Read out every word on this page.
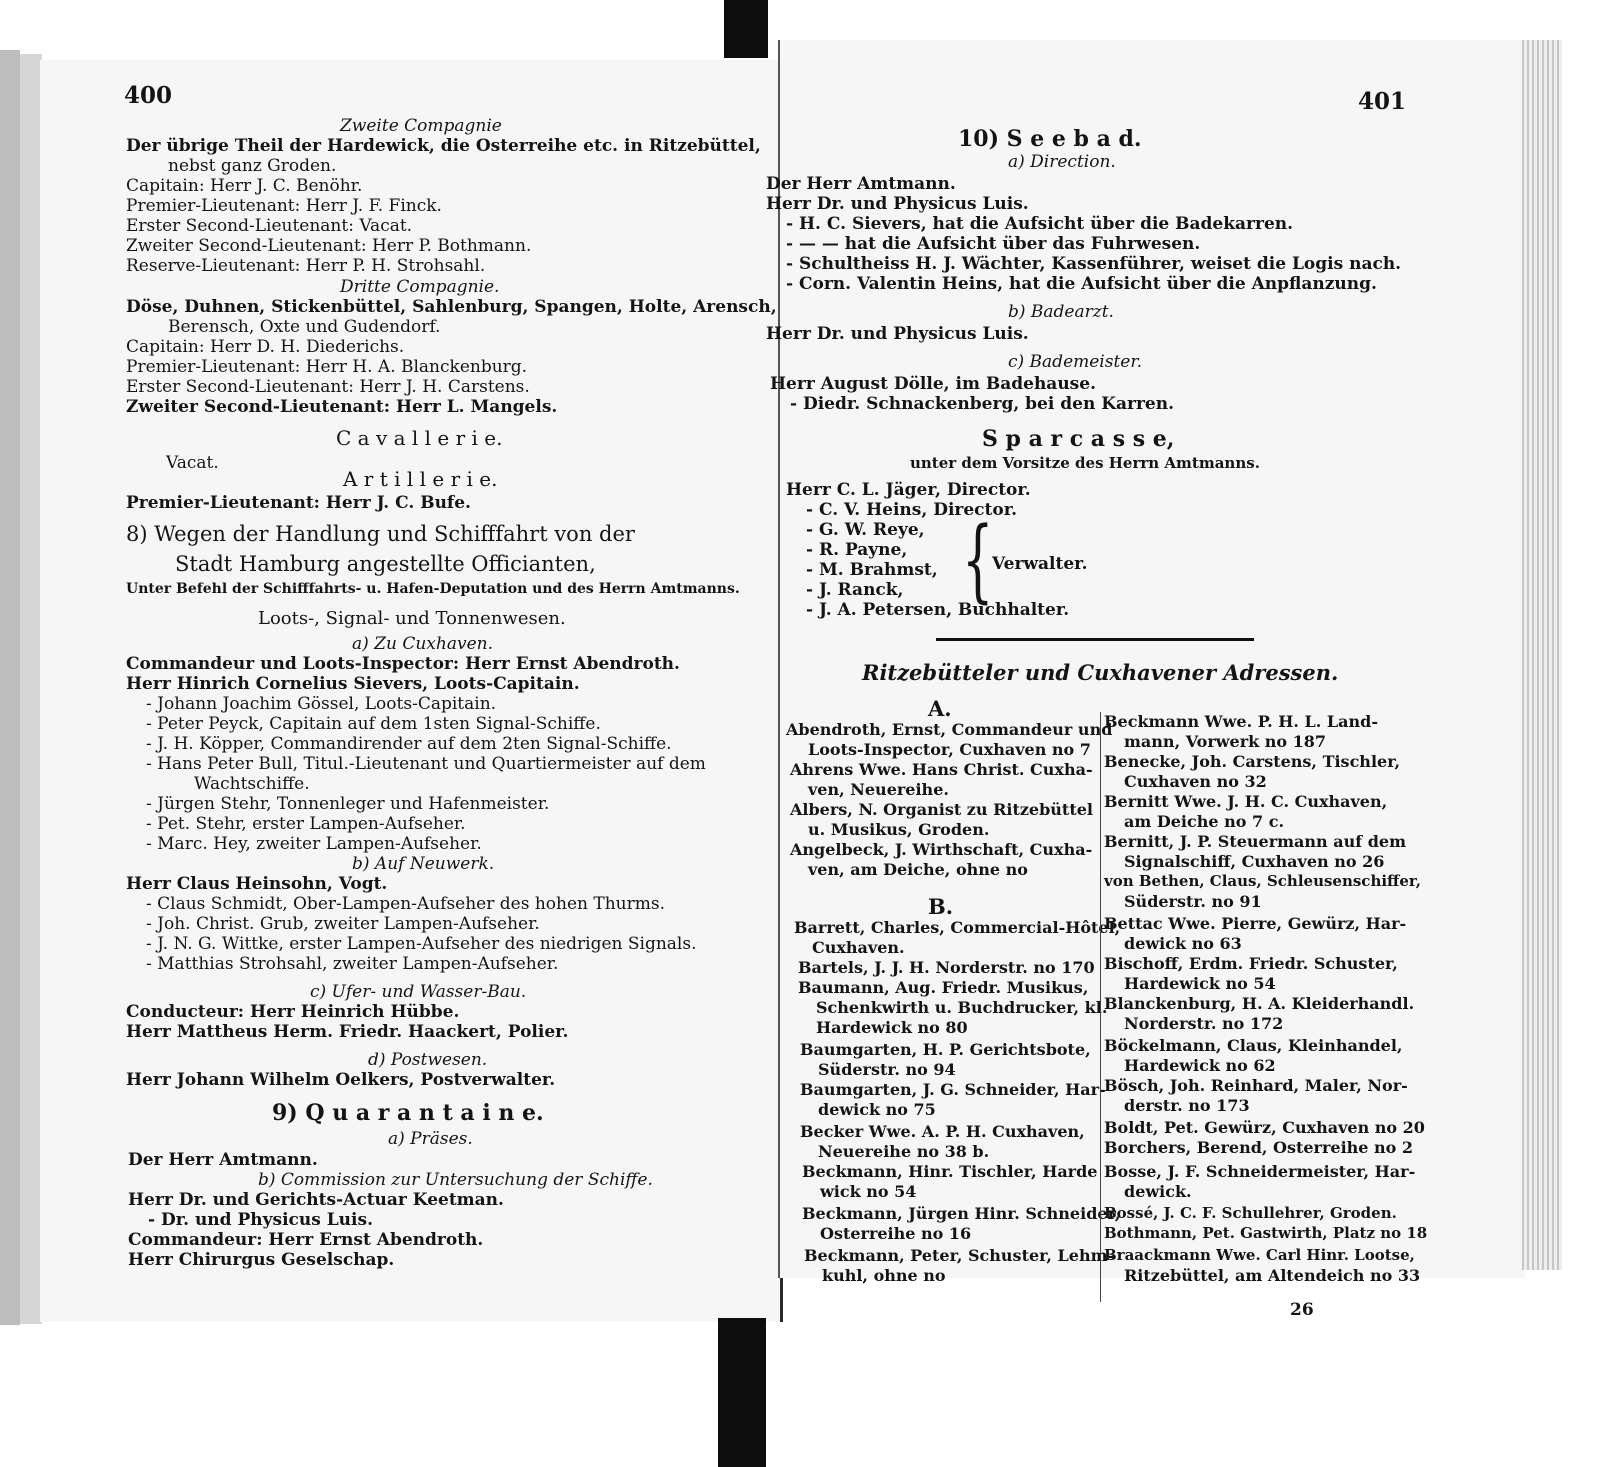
400	401
Zweite Compagnie
Der übrige Theil der Hardewick, die Osterreihe etc. in Ritzebüttel,
nebst ganz Groden.
Capitain: Herr J. C. Benöhr.
Premier-Lieutenant: Herr J. F. Finck.
Erster Second-Lieutenant: Vacat.
Zweiter Second-Lieutenant: Herr P. Bothmann.
Reserve-Lieutenant: Herr P. H. Strohsahl.
Dritte Compagnie.
Döse, Duhnen, Stickenbüttel, Sahlenburg, Spangen, Holte, Arensch,
Berensch, Oxte und Gudendorf.
Capitain: Herr D. H. Diederichs.
Premier-Lieutenant: Herr H. A. Blanckenburg.
Erster Second-Lieutenant: Herr J. H. Carstens.
Zweiter Second-Lieutenant: Herr L. Mangels.
C a v a l l e r i e.
Vacat.
A r t i l l e r i e.
Premier-Lieutenant: Herr J. C. Bufe.
8) Wegen der Handlung und Schifffahrt von der
Stadt Hamburg angestellte Officianten,
Unter Befehl der Schifffahrts- u. Hafen-Deputation und des Herrn Amtmanns.
Loots-, Signal- und Tonnenwesen.
a) Zu Cuxhaven.
Commandeur und Loots-Inspector: Herr Ernst Abendroth.
Herr Hinrich Cornelius Sievers, Loots-Capitain.
- Johann Joachim Gössel, Loots-Capitain.
- Peter Peyck, Capitain auf dem 1sten Signal-Schiffe.
- J. H. Köpper, Commandirender auf dem 2ten Signal-Schiffe.
- Hans Peter Bull, Titul.-Lieutenant und Quartiermeister auf dem
Wachtschiffe.
- Jürgen Stehr, Tonnenleger und Hafenmeister.
- Pet. Stehr, erster Lampen-Aufseher.
- Marc. Hey, zweiter Lampen-Aufseher.
b) Auf Neuwerk.
Herr Claus Heinsohn, Vogt.
- Claus Schmidt, Ober-Lampen-Aufseher des hohen Thurms.
- Joh. Christ. Grub, zweiter Lampen-Aufseher.
- J. N. G. Wittke, erster Lampen-Aufseher des niedrigen Signals.
- Matthias Strohsahl, zweiter Lampen-Aufseher.
c) Ufer- und Wasser-Bau.
Conducteur: Herr Heinrich Hübbe.
Herr Mattheus Herm. Friedr. Haackert, Polier.
d) Postwesen.
Herr Johann Wilhelm Oelkers, Postverwalter.
9) Q u a r a n t a i n e.
a) Präses.
Der Herr Amtmann.
b) Commission zur Untersuchung der Schiffe.
Herr Dr. und Gerichts-Actuar Keetman.
- Dr. und Physicus Luis.
Commandeur: Herr Ernst Abendroth.
Herr Chirurgus Geselschap.
10) S e e b a d.
a) Direction.
Der Herr Amtmann.
Herr Dr. und Physicus Luis.
- H. C. Sievers, hat die Aufsicht über die Badekarren.
- — — hat die Aufsicht über das Fuhrwesen.
- Schultheiss H. J. Wächter, Kassenführer, weiset die Logis nach.
- Corn. Valentin Heins, hat die Aufsicht über die Anpflanzung.
b) Badearzt.
Herr Dr. und Physicus Luis.
c) Bademeister.
Herr August Dölle, im Badehause.
- Diedr. Schnackenberg, bei den Karren.
S p a r c a s s e,
unter dem Vorsitze des Herrn Amtmanns.
Herr C. L. Jäger, Director.
- C. V. Heins, Director.
- G. W. Reye,
- R. Payne,
- M. Brahmst,
- J. Ranck,
- J. A. Petersen, Buchhalter.
Ritzebütteler und Cuxhavener Adressen.
A.
Abendroth, Ernst, Commandeur und
Loots-Inspector, Cuxhaven no 7
Ahrens Wwe. Hans Christ. Cuxha-
ven, Neuereihe.
Albers, N. Organist zu Ritzebüttel
u. Musikus, Groden.
Angelbeck, J. Wirthschaft, Cuxha-
ven, am Deiche, ohne no
B.
Barrett, Charles, Commercial-Hôtel,
Cuxhaven.
Bartels, J. J. H. Norderstr. no 170
Baumann, Aug. Friedr. Musikus,
Schenkwirth u. Buchdrucker, kl.
Hardewick no 80
Baumgarten, H. P. Gerichtsbote,
Süderstr. no 94
Baumgarten, J. G. Schneider, Har-
dewick no 75
Becker Wwe. A. P. H. Cuxhaven,
Neuereihe no 38 b.
Beckmann, Hinr. Tischler, Harde
wick no 54
Beckmann, Jürgen Hinr. Schneider,
Osterreihe no 16
Beckmann, Peter, Schuster, Lehm-
kuhl, ohne no
Beckmann Wwe. P. H. L. Land-
mann, Vorwerk no 187
Benecke, Joh. Carstens, Tischler,
Cuxhaven no 32
Bernitt Wwe. J. H. C. Cuxhaven,
am Deiche no 7 c.
Bernitt, J. P. Steuermann auf dem
Signalschiff, Cuxhaven no 26
von Bethen, Claus, Schleusenschiffer,
Süderstr. no 91
Bettac Wwe. Pierre, Gewürz, Har-
dewick no 63
Bischoff, Erdm. Friedr. Schuster,
Hardewick no 54
Blanckenburg, H. A. Kleiderhandl.
Norderstr. no 172
Böckelmann, Claus, Kleinhandel,
Hardewick no 62
Bösch, Joh. Reinhard, Maler, Nor-
derstr. no 173
Boldt, Pet. Gewürz, Cuxhaven no 20
Borchers, Berend, Osterreihe no 2
Bosse, J. F. Schneidermeister, Har-
dewick.
Bossé, J. C. F. Schullehrer, Groden.
Bothmann, Pet. Gastwirth, Platz no 18
Braackmann Wwe. Carl Hinr. Lootse,
Ritzebüttel, am Altendeich no 33
{
Verwalter.
26
